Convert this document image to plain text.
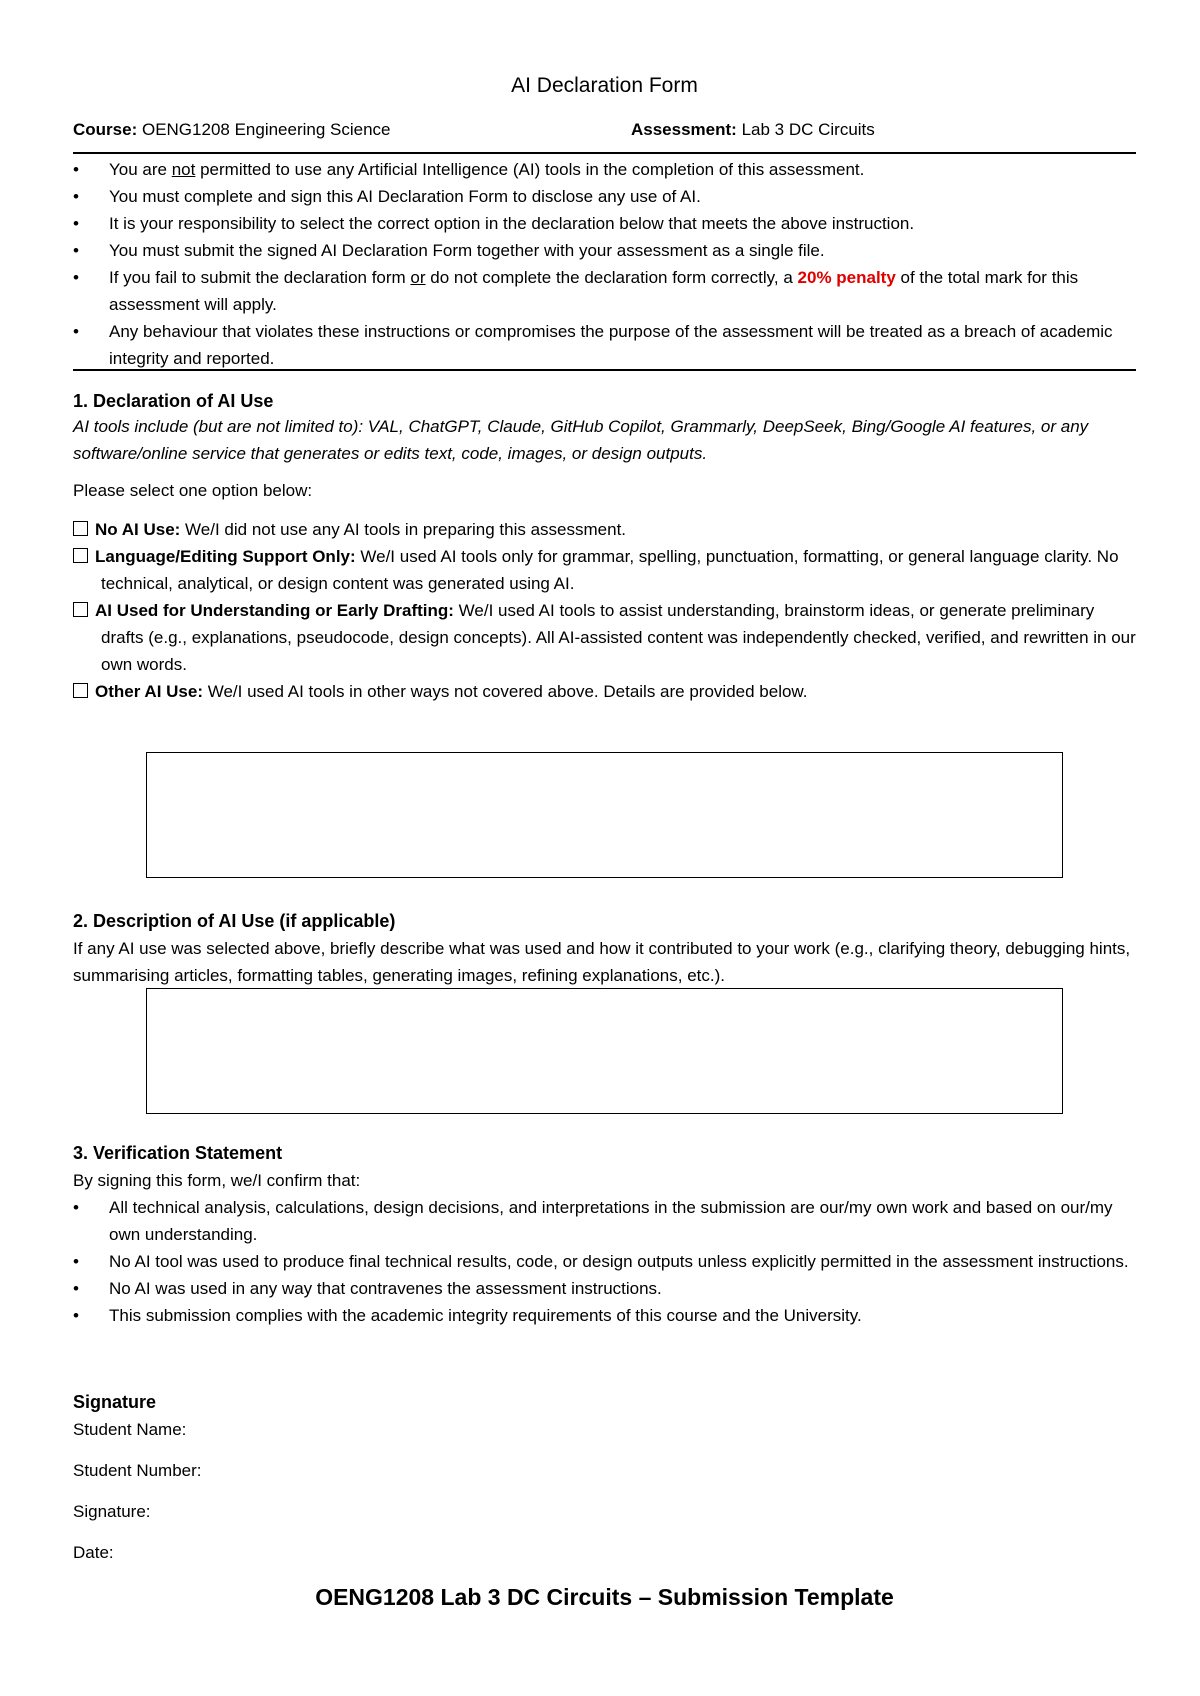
AI Declaration Form
Course: OENG1208 Engineering Science	Assessment: Lab 3 DC Circuits
• You are not permitted to use any Artificial Intelligence (AI) tools in the completion of this assessment.
• You must complete and sign this AI Declaration Form to disclose any use of AI.
• It is your responsibility to select the correct option in the declaration below that meets the above instruction.
• You must submit the signed AI Declaration Form together with your assessment as a single file.
• If you fail to submit the declaration form or do not complete the declaration form correctly, a 20% penalty of the total mark for this assessment will apply.
• Any behaviour that violates these instructions or compromises the purpose of the assessment will be treated as a breach of academic integrity and reported.
1. Declaration of AI Use
AI tools include (but are not limited to): VAL, ChatGPT, Claude, GitHub Copilot, Grammarly, DeepSeek, Bing/Google AI features, or any software/online service that generates or edits text, code, images, or design outputs.
Please select one option below:
No AI Use: We/I did not use any AI tools in preparing this assessment.
Language/Editing Support Only: We/I used AI tools only for grammar, spelling, punctuation, formatting, or general language clarity. No technical, analytical, or design content was generated using AI.
AI Used for Understanding or Early Drafting: We/I used AI tools to assist understanding, brainstorm ideas, or generate preliminary drafts (e.g., explanations, pseudocode, design concepts). All AI-assisted content was independently checked, verified, and rewritten in our own words.
Other AI Use: We/I used AI tools in other ways not covered above. Details are provided below.
2. Description of AI Use (if applicable)
If any AI use was selected above, briefly describe what was used and how it contributed to your work (e.g., clarifying theory, debugging hints, summarising articles, formatting tables, generating images, refining explanations, etc.).
3. Verification Statement
By signing this form, we/I confirm that:
• All technical analysis, calculations, design decisions, and interpretations in the submission are our/my own work and based on our/my own understanding.
• No AI tool was used to produce final technical results, code, or design outputs unless explicitly permitted in the assessment instructions.
• No AI was used in any way that contravenes the assessment instructions.
• This submission complies with the academic integrity requirements of this course and the University.
Signature
Student Name:
Student Number:
Signature:
Date:
OENG1208 Lab 3 DC Circuits – Submission Template
